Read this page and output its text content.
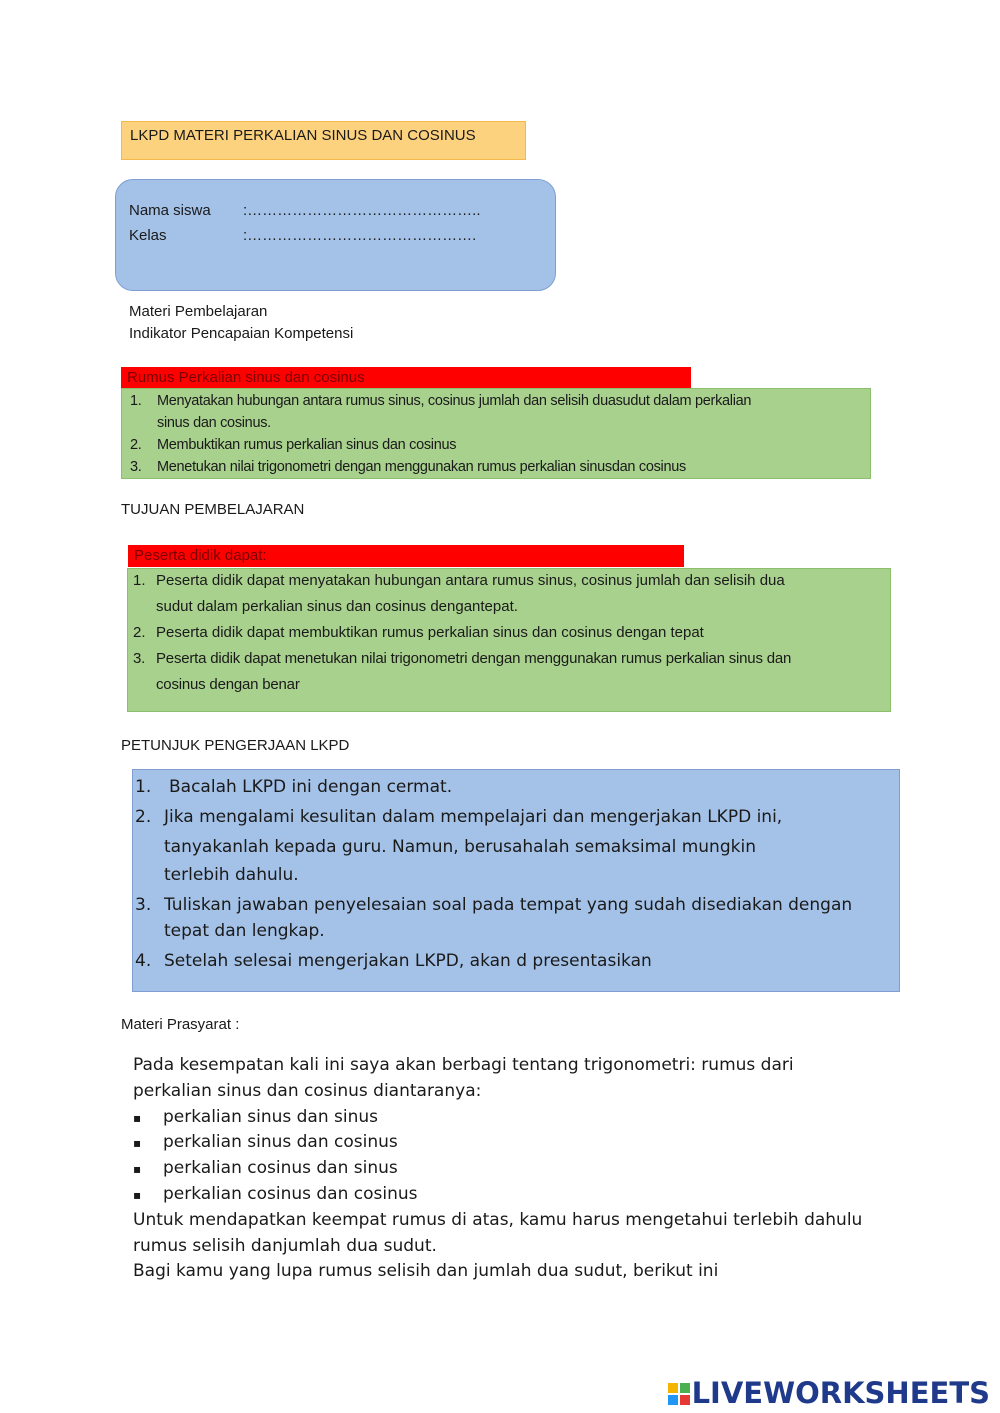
LKPD MATERI PERKALIAN SINUS DAN COSINUS
Nama siswa	:………………………………………..
Kelas	:……………………………………….
Materi Pembelajaran
Indikator Pencapaian Kompetensi
Rumus Perkalian sinus dan cosinus
1. Menyatakan hubungan antara rumus sinus, cosinus jumlah dan selisih duasudut dalam perkalian
sinus dan cosinus.
2. Membuktikan rumus perkalian sinus dan cosinus
3. Menetukan nilai trigonometri dengan menggunakan rumus perkalian sinusdan cosinus
TUJUAN PEMBELAJARAN
Peserta didik dapat:
1. Peserta didik dapat menyatakan hubungan antara rumus sinus, cosinus jumlah dan selisih dua
sudut dalam perkalian sinus dan cosinus dengantepat.
2. Peserta didik dapat membuktikan rumus perkalian sinus dan cosinus dengan tepat
3. Peserta didik dapat menetukan nilai trigonometri dengan menggunakan rumus perkalian sinus dan
cosinus dengan benar
PETUNJUK PENGERJAAN LKPD
1. Bacalah LKPD ini dengan cermat.
2. Jika mengalami kesulitan dalam mempelajari dan mengerjakan LKPD ini,
tanyakanlah kepada guru. Namun, berusahalah semaksimal mungkin
terlebih dahulu.
3. Tuliskan jawaban penyelesaian soal pada tempat yang sudah disediakan dengan
tepat dan lengkap.
4. Setelah selesai mengerjakan LKPD, akan d presentasikan
Materi Prasyarat :
Pada kesempatan kali ini saya akan berbagi tentang trigonometri: rumus dari
perkalian sinus dan cosinus diantaranya:
▪ perkalian sinus dan sinus
▪ perkalian sinus dan cosinus
▪ perkalian cosinus dan sinus
▪ perkalian cosinus dan cosinus
Untuk mendapatkan keempat rumus di atas, kamu harus mengetahui terlebih dahulu
rumus selisih danjumlah dua sudut.
Bagi kamu yang lupa rumus selisih dan jumlah dua sudut, berikut ini
LIVEWORKSHEETS
